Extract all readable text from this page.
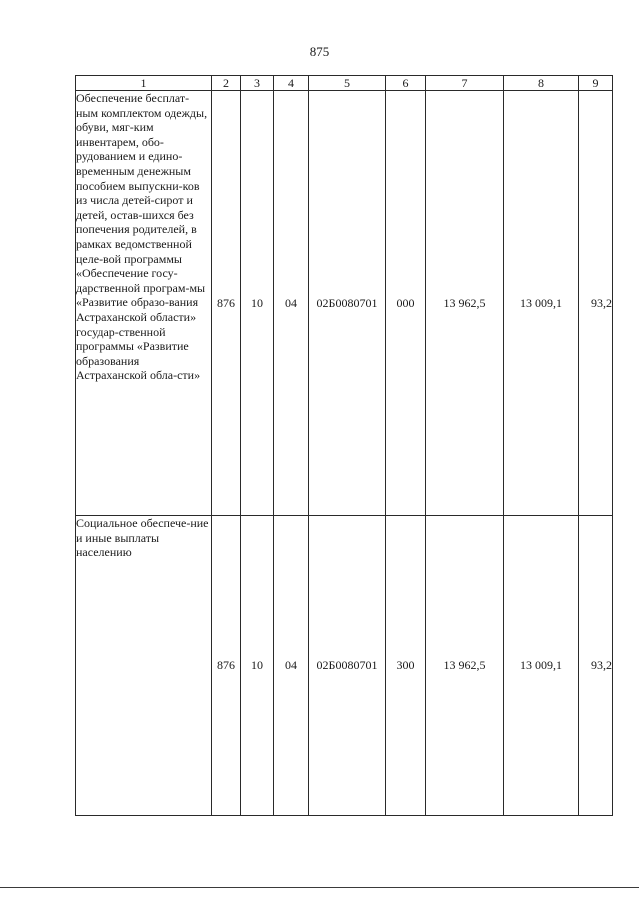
875
1	2	3	4	5	6	7	8	9
Обеспечение бесплат-ным комплектом одежды, обуви, мяг-ким инвентарем, обо-рудованием и едино-временным денежным пособием выпускни-ков из числа детей-сирот и детей, остав-шихся без попечения родителей, в рамках ведомственной целе-вой программы «Обеспечение госу-дарственной програм-мы «Развитие образо-вания Астраханской области» государ-ственной программы «Развитие образования Астраханской обла-сти»	876	10	04	02Б0080701	000	13 962,5	13 009,1	93,2
Социальное обеспече-ние и иные выплаты населению	876	10	04	02Б0080701	300	13 962,5	13 009,1	93,2
